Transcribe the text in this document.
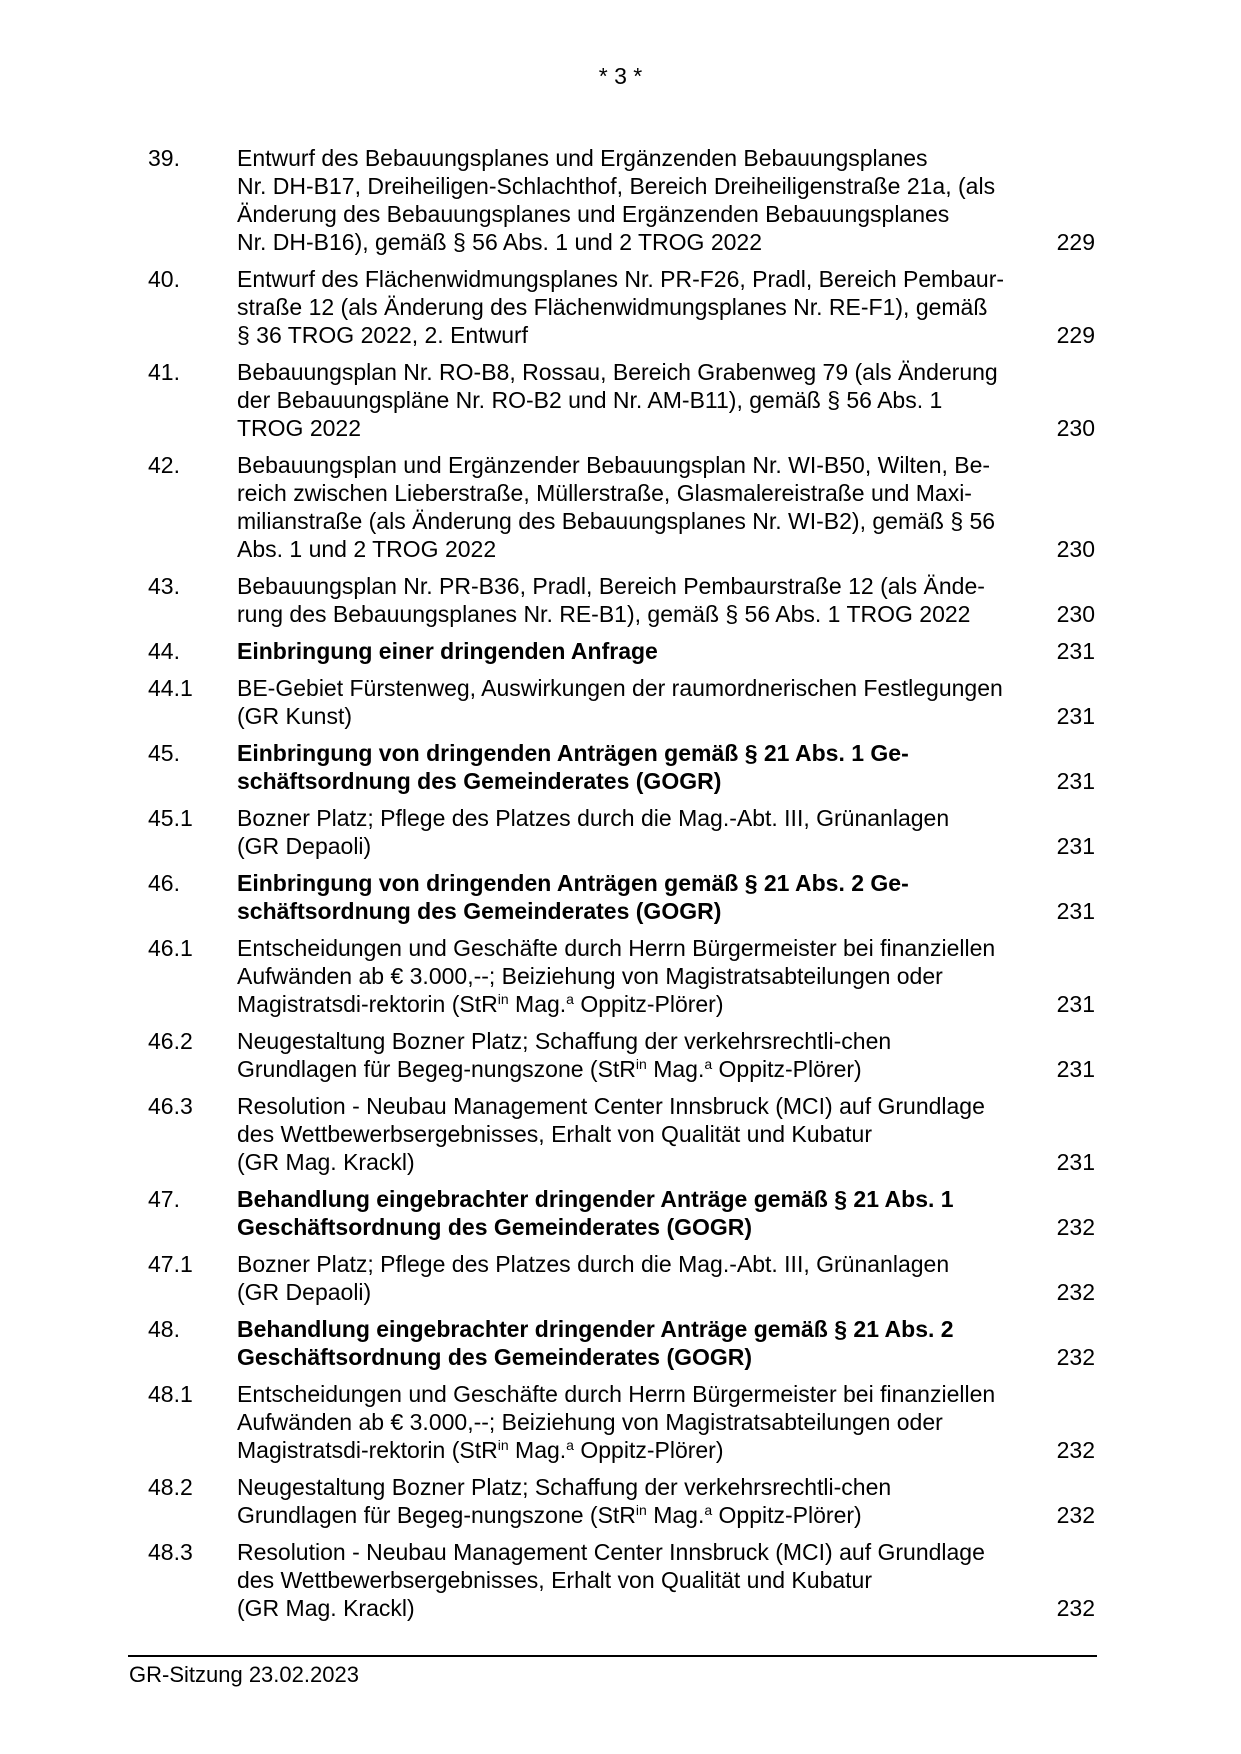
* 3 *
39.	Entwurf des Bebauungsplanes und Ergänzenden Bebauungsplanes
Nr. DH-B17, Dreiheiligen-Schlachthof, Bereich Dreiheiligenstraße 21a, (als
Änderung des Bebauungsplanes und Ergänzenden Bebauungsplanes
Nr. DH-B16), gemäß § 56 Abs. 1 und 2 TROG 2022	229
40.	Entwurf des Flächenwidmungsplanes Nr. PR-F26, Pradl, Bereich Pembaur-
straße 12 (als Änderung des Flächenwidmungsplanes Nr. RE-F1), gemäß
§ 36 TROG 2022, 2. Entwurf	229
41.	Bebauungsplan Nr. RO-B8, Rossau, Bereich Grabenweg 79 (als Änderung
der Bebauungspläne Nr. RO-B2 und Nr. AM-B11), gemäß § 56 Abs. 1
TROG 2022	230
42.	Bebauungsplan und Ergänzender Bebauungsplan Nr. WI-B50, Wilten, Be-
reich zwischen Lieberstraße, Müllerstraße, Glasmalereistraße und Maxi-
milianstraße (als Änderung des Bebauungsplanes Nr. WI-B2), gemäß § 56
Abs. 1 und 2 TROG 2022	230
43.	Bebauungsplan Nr. PR-B36, Pradl, Bereich Pembaurstraße 12 (als Ände-
rung des Bebauungsplanes Nr. RE-B1), gemäß § 56 Abs. 1 TROG 2022	230
44.	Einbringung einer dringenden Anfrage	231
44.1	BE-Gebiet Fürstenweg, Auswirkungen der raumordnerischen Festlegungen
(GR Kunst)	231
45.	Einbringung von dringenden Anträgen gemäß § 21 Abs. 1 Ge-
schäftsordnung des Gemeinderates (GOGR)	231
45.1	Bozner Platz; Pflege des Platzes durch die Mag.-Abt. III, Grünanlagen
(GR Depaoli)	231
46.	Einbringung von dringenden Anträgen gemäß § 21 Abs. 2 Ge-
schäftsordnung des Gemeinderates (GOGR)	231
46.1	Entscheidungen und Geschäfte durch Herrn Bürgermeister bei finanziellen
Aufwänden ab € 3.000,--; Beiziehung von Magistratsabteilungen oder
Magistratsdi-rektorin (StR$^{in}$ Mag.$^a$ Oppitz-Plörer)	231
46.2	Neugestaltung Bozner Platz; Schaffung der verkehrsrechtli-chen
Grundlagen für Begeg-nungszone (StR$^{in}$ Mag.$^a$ Oppitz-Plörer)	231
46.3	Resolution - Neubau Management Center Innsbruck (MCI) auf Grundlage
des Wettbewerbsergebnisses, Erhalt von Qualität und Kubatur
(GR Mag. Krackl)	231
47.	Behandlung eingebrachter dringender Anträge gemäß § 21 Abs. 1
Geschäftsordnung des Gemeinderates (GOGR)	232
47.1	Bozner Platz; Pflege des Platzes durch die Mag.-Abt. III, Grünanlagen
(GR Depaoli)	232
48.	Behandlung eingebrachter dringender Anträge gemäß § 21 Abs. 2
Geschäftsordnung des Gemeinderates (GOGR)	232
48.1	Entscheidungen und Geschäfte durch Herrn Bürgermeister bei finanziellen
Aufwänden ab € 3.000,--; Beiziehung von Magistratsabteilungen oder
Magistratsdi-rektorin (StR$^{in}$ Mag.$^a$ Oppitz-Plörer)	232
48.2	Neugestaltung Bozner Platz; Schaffung der verkehrsrechtli-chen
Grundlagen für Begeg-nungszone (StR$^{in}$ Mag.$^a$ Oppitz-Plörer)	232
48.3	Resolution - Neubau Management Center Innsbruck (MCI) auf Grundlage
des Wettbewerbsergebnisses, Erhalt von Qualität und Kubatur
(GR Mag. Krackl)	232
GR-Sitzung 23.02.2023
